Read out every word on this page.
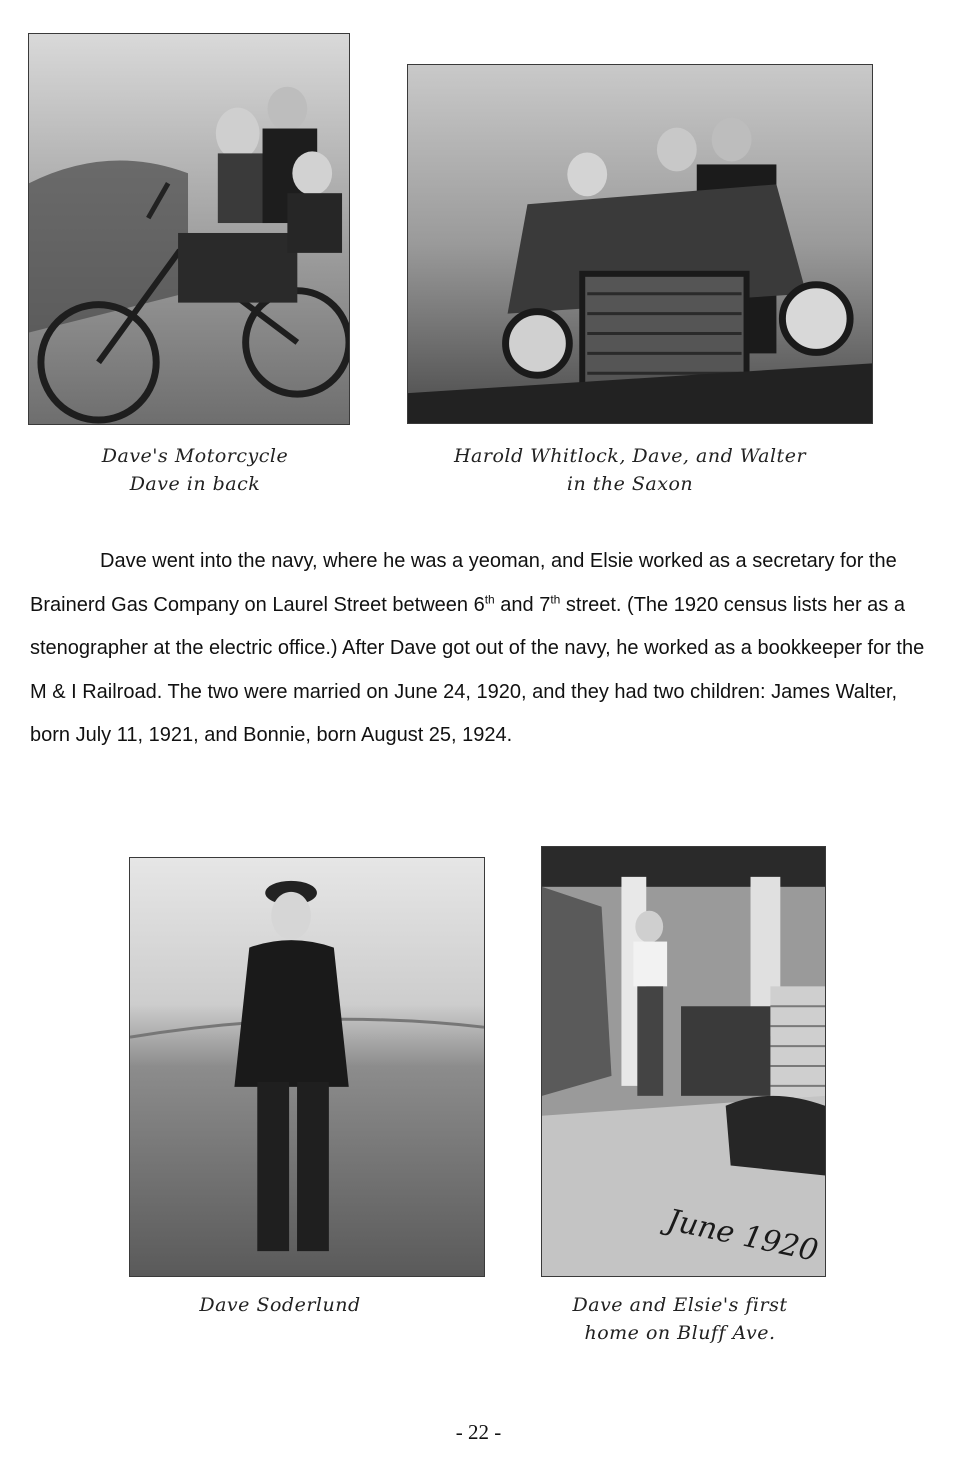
Dave's Motorcycle
Dave in back
Harold Whitlock, Dave, and Walter
in the Saxon

Dave went into the navy, where he was a yeoman, and Elsie worked as a secretary for the Brainerd Gas Company on Laurel Street between 6th and 7th street. (The 1920 census lists her as a stenographer at the electric office.) After Dave got out of the navy, he worked as a bookkeeper for the M & I Railroad. The two were married on June 24, 1920, and they had two children: James Walter, born July 11, 1921, and Bonnie, born August 25, 1924.

June 1920
Dave Soderlund	Dave and Elsie's first
home on Bluff Ave.
- 22 -
